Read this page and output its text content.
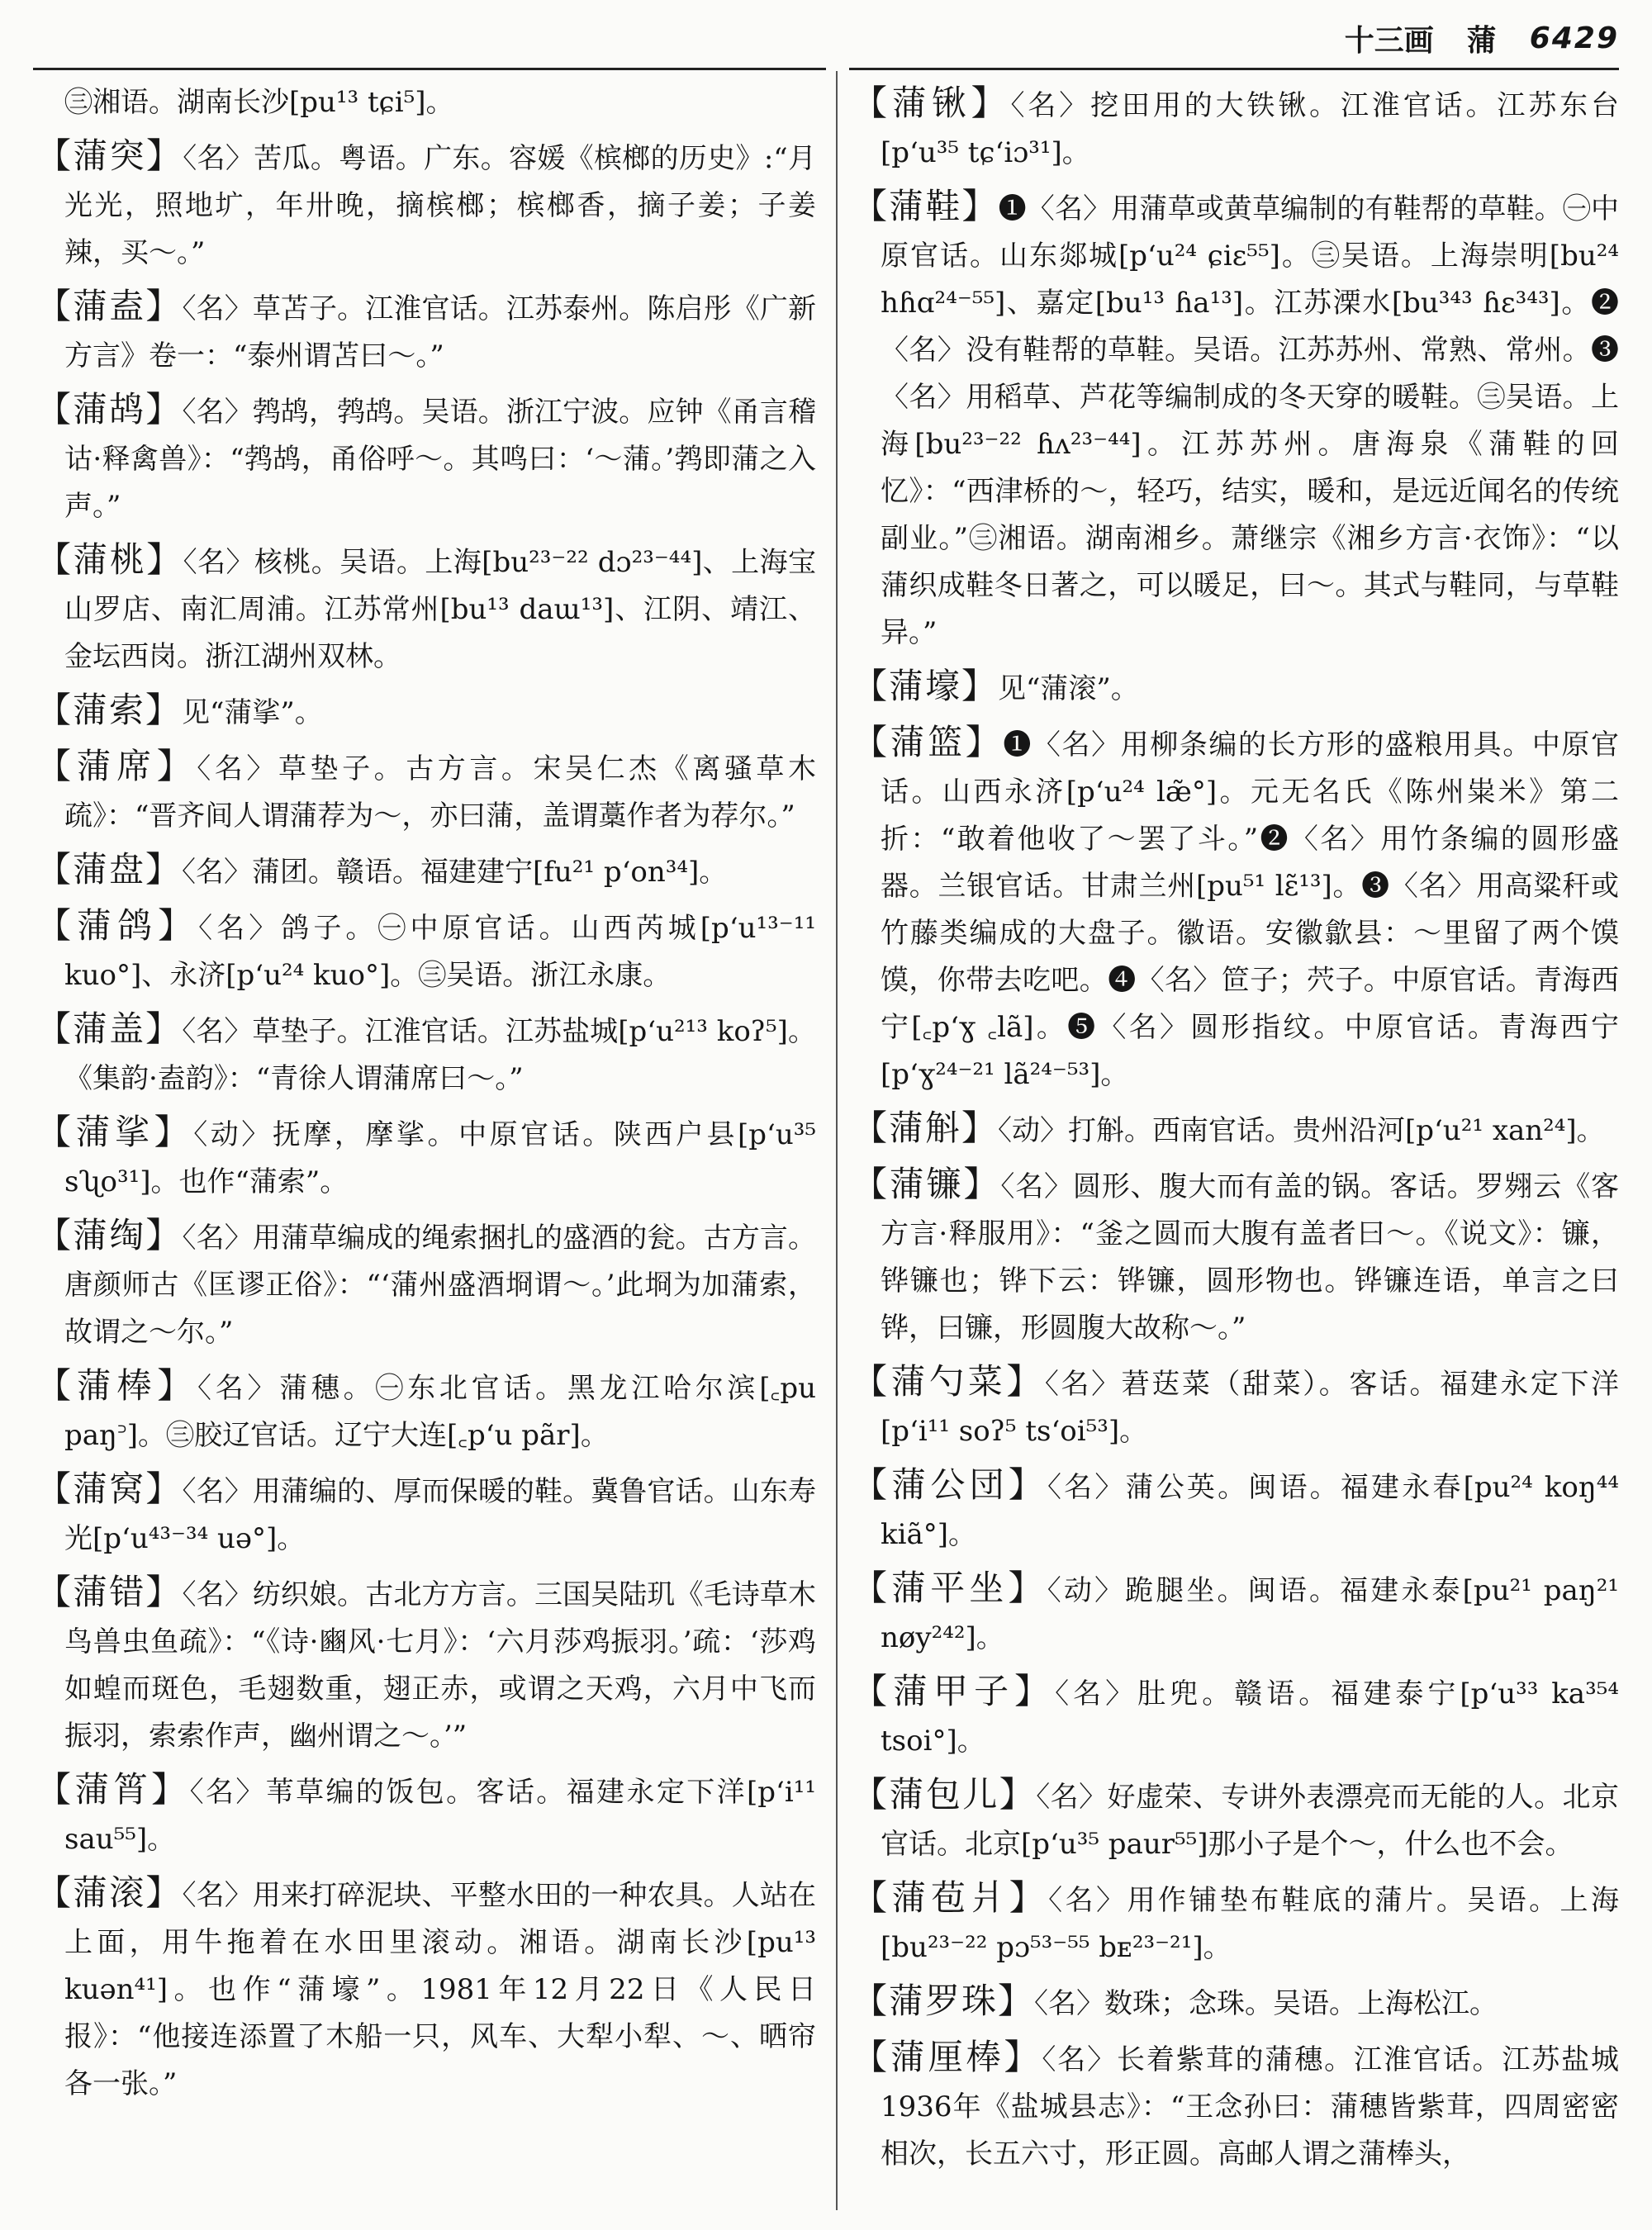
十三画 蒲 6429
㊂湘语。湖南长沙[pu¹³ tɕi⁵]。
【蒲突】〈名〉苦瓜。粤语。广东。容媛《槟榔的历史》:“月光光，照地圹，年卅晚，摘槟榔；槟榔香，摘子姜；子姜辣，买～。”
【蒲盍】〈名〉草苫子。江淮官话。江苏泰州。陈启彤《广新方言》卷一：“泰州谓苫曰～。”
【蒲鸪】〈名〉鹁鸪，鹁鸪。吴语。浙江宁波。应钟《甬言稽诂·释禽兽》：“鹁鸪，甬俗呼～。其鸣曰：‘～蒲。’鹁即蒲之入声。”
【蒲桃】〈名〉核桃。吴语。上海[bu²³⁻²² dɔ²³⁻⁴⁴]、上海宝山罗店、南汇周浦。江苏常州[bu¹³ daɯ¹³]、江阴、靖江、金坛西岗。浙江湖州双林。
【蒲索】见“蒲挲”。
【蒲席】〈名〉草垫子。古方言。宋吴仁杰《离骚草木疏》：“晋齐间人谓蒲荐为～，亦曰蒲，盖谓藁作者为荐尔。”
【蒲盘】〈名〉蒲团。赣语。福建建宁[fu²¹ pʻon³⁴]。
【蒲鸽】〈名〉鸽子。㊀中原官话。山西芮城[pʻu¹³⁻¹¹ kuo°]、永济[pʻu²⁴ kuo°]。㊂吴语。浙江永康。
【蒲盖】〈名〉草垫子。江淮官话。江苏盐城[pʻu²¹³ koʔ⁵]。《集韵·盍韵》：“青徐人谓蒲席曰～。”
【蒲挲】〈动〉抚摩，摩挲。中原官话。陕西户县[pʻu³⁵ sʯo³¹]。也作“蒲索”。
【蒲绹】〈名〉用蒲草编成的绳索捆扎的盛酒的瓮。古方言。唐颜师古《匡谬正俗》：“‘蒲州盛酒埛谓～。’此埛为加蒲索，故谓之～尔。”
【蒲棒】〈名〉蒲穗。㊀东北官话。黑龙江哈尔滨[꜀pu paŋ꜄]。㊂胶辽官话。辽宁大连[꜀pʻu pãr]。
【蒲窝】〈名〉用蒲编的、厚而保暖的鞋。冀鲁官话。山东寿光[pʻu⁴³⁻³⁴ uə°]。
【蒲错】〈名〉纺织娘。古北方方言。三国吴陆玑《毛诗草木鸟兽虫鱼疏》：“《诗·豳风·七月》：‘六月莎鸡振羽。’疏：‘莎鸡如蝗而斑色，毛翅数重，翅正赤，或谓之天鸡，六月中飞而振羽，索索作声，幽州谓之～。’”
【蒲筲】〈名〉苇草编的饭包。客话。福建永定下洋[pʻi¹¹ sau⁵⁵]。
【蒲滚】〈名〉用来打碎泥块、平整水田的一种农具。人站在上面，用牛拖着在水田里滚动。湘语。湖南长沙[pu¹³ kuən⁴¹]。也作“蒲壕”。1981年12月22日《人民日报》：“他接连添置了木船一只，风车、大犁小犁、～、晒帘各一张。”
【蒲锹】〈名〉挖田用的大铁锹。江淮官话。江苏东台[pʻu³⁵ tɕʻiɔ³¹]。
【蒲鞋】❶〈名〉用蒲草或黄草编制的有鞋帮的草鞋。㊀中原官话。山东郯城[pʻu²⁴ ɕiɛ⁵⁵]。㊂吴语。上海崇明[bu²⁴ hɦɑ²⁴⁻⁵⁵]、嘉定[bu¹³ ɦa¹³]。江苏溧水[bu³⁴³ ɦɛ³⁴³]。❷〈名〉没有鞋帮的草鞋。吴语。江苏苏州、常熟、常州。❸〈名〉用稻草、芦花等编制成的冬天穿的暖鞋。㊂吴语。上海[bu²³⁻²² ɦʌ²³⁻⁴⁴]。江苏苏州。唐海泉《蒲鞋的回忆》：“西津桥的～，轻巧，结实，暖和，是远近闻名的传统副业。”㊂湘语。湖南湘乡。萧继宗《湘乡方言·衣饰》：“以蒲织成鞋冬日著之，可以暖足，曰～。其式与鞋同，与草鞋异。”
【蒲壕】见“蒲滚”。
【蒲篮】❶〈名〉用柳条编的长方形的盛粮用具。中原官话。山西永济[pʻu²⁴ læ̃°]。元无名氏《陈州粜米》第二折：“敢着他收了～罢了斗。”❷〈名〉用竹条编的圆形盛器。兰银官话。甘肃兰州[pu⁵¹ lɛ̃¹³]。❸〈名〉用高粱秆或竹藤类编成的大盘子。徽语。安徽歙县：～里留了两个馍馍，你带去吃吧。❹〈名〉笸子；茓子。中原官话。青海西宁[꜀pʻɣ ꜀lã]。❺〈名〉圆形指纹。中原官话。青海西宁[pʻɣ²⁴⁻²¹ lã²⁴⁻⁵³]。
【蒲斛】〈动〉打斛。西南官话。贵州沿河[pʻu²¹ xan²⁴]。
【蒲镰】〈名〉圆形、腹大而有盖的锅。客话。罗翙云《客方言·释服用》：“釜之圆而大腹有盖者曰～。《说文》：镰，铧镰也；铧下云：铧镰，圆形物也。铧镰连语，单言之曰铧，曰镰，形圆腹大故称～。”
【蒲勺菜】〈名〉莙荙菜（甜菜）。客话。福建永定下洋[pʻi¹¹ soʔ⁵ tsʻoi⁵³]。
【蒲公団】〈名〉蒲公英。闽语。福建永春[pu²⁴ koŋ⁴⁴ kiã°]。
【蒲平坐】〈动〉跪腿坐。闽语。福建永泰[pu²¹ paŋ²¹ nøy²⁴²]。
【蒲甲子】〈名〉肚兜。赣语。福建泰宁[pʻu³³ ka³⁵⁴ tsoi°]。
【蒲包儿】〈名〉好虚荣、专讲外表漂亮而无能的人。北京官话。北京[pʻu³⁵ paur⁵⁵]那小子是个～，什么也不会。
【蒲苞爿】〈名〉用作铺垫布鞋底的蒲片。吴语。上海[bu²³⁻²² pɔ⁵³⁻⁵⁵ bᴇ²³⁻²¹]。
【蒲罗珠】〈名〉数珠；念珠。吴语。上海松江。
【蒲厘棒】〈名〉长着紫茸的蒲穗。江淮官话。江苏盐城1936年《盐城县志》：“王念孙曰：蒲穗皆紫茸，四周密密相次，长五六寸，形正圆。高邮人谓之蒲棒头，
